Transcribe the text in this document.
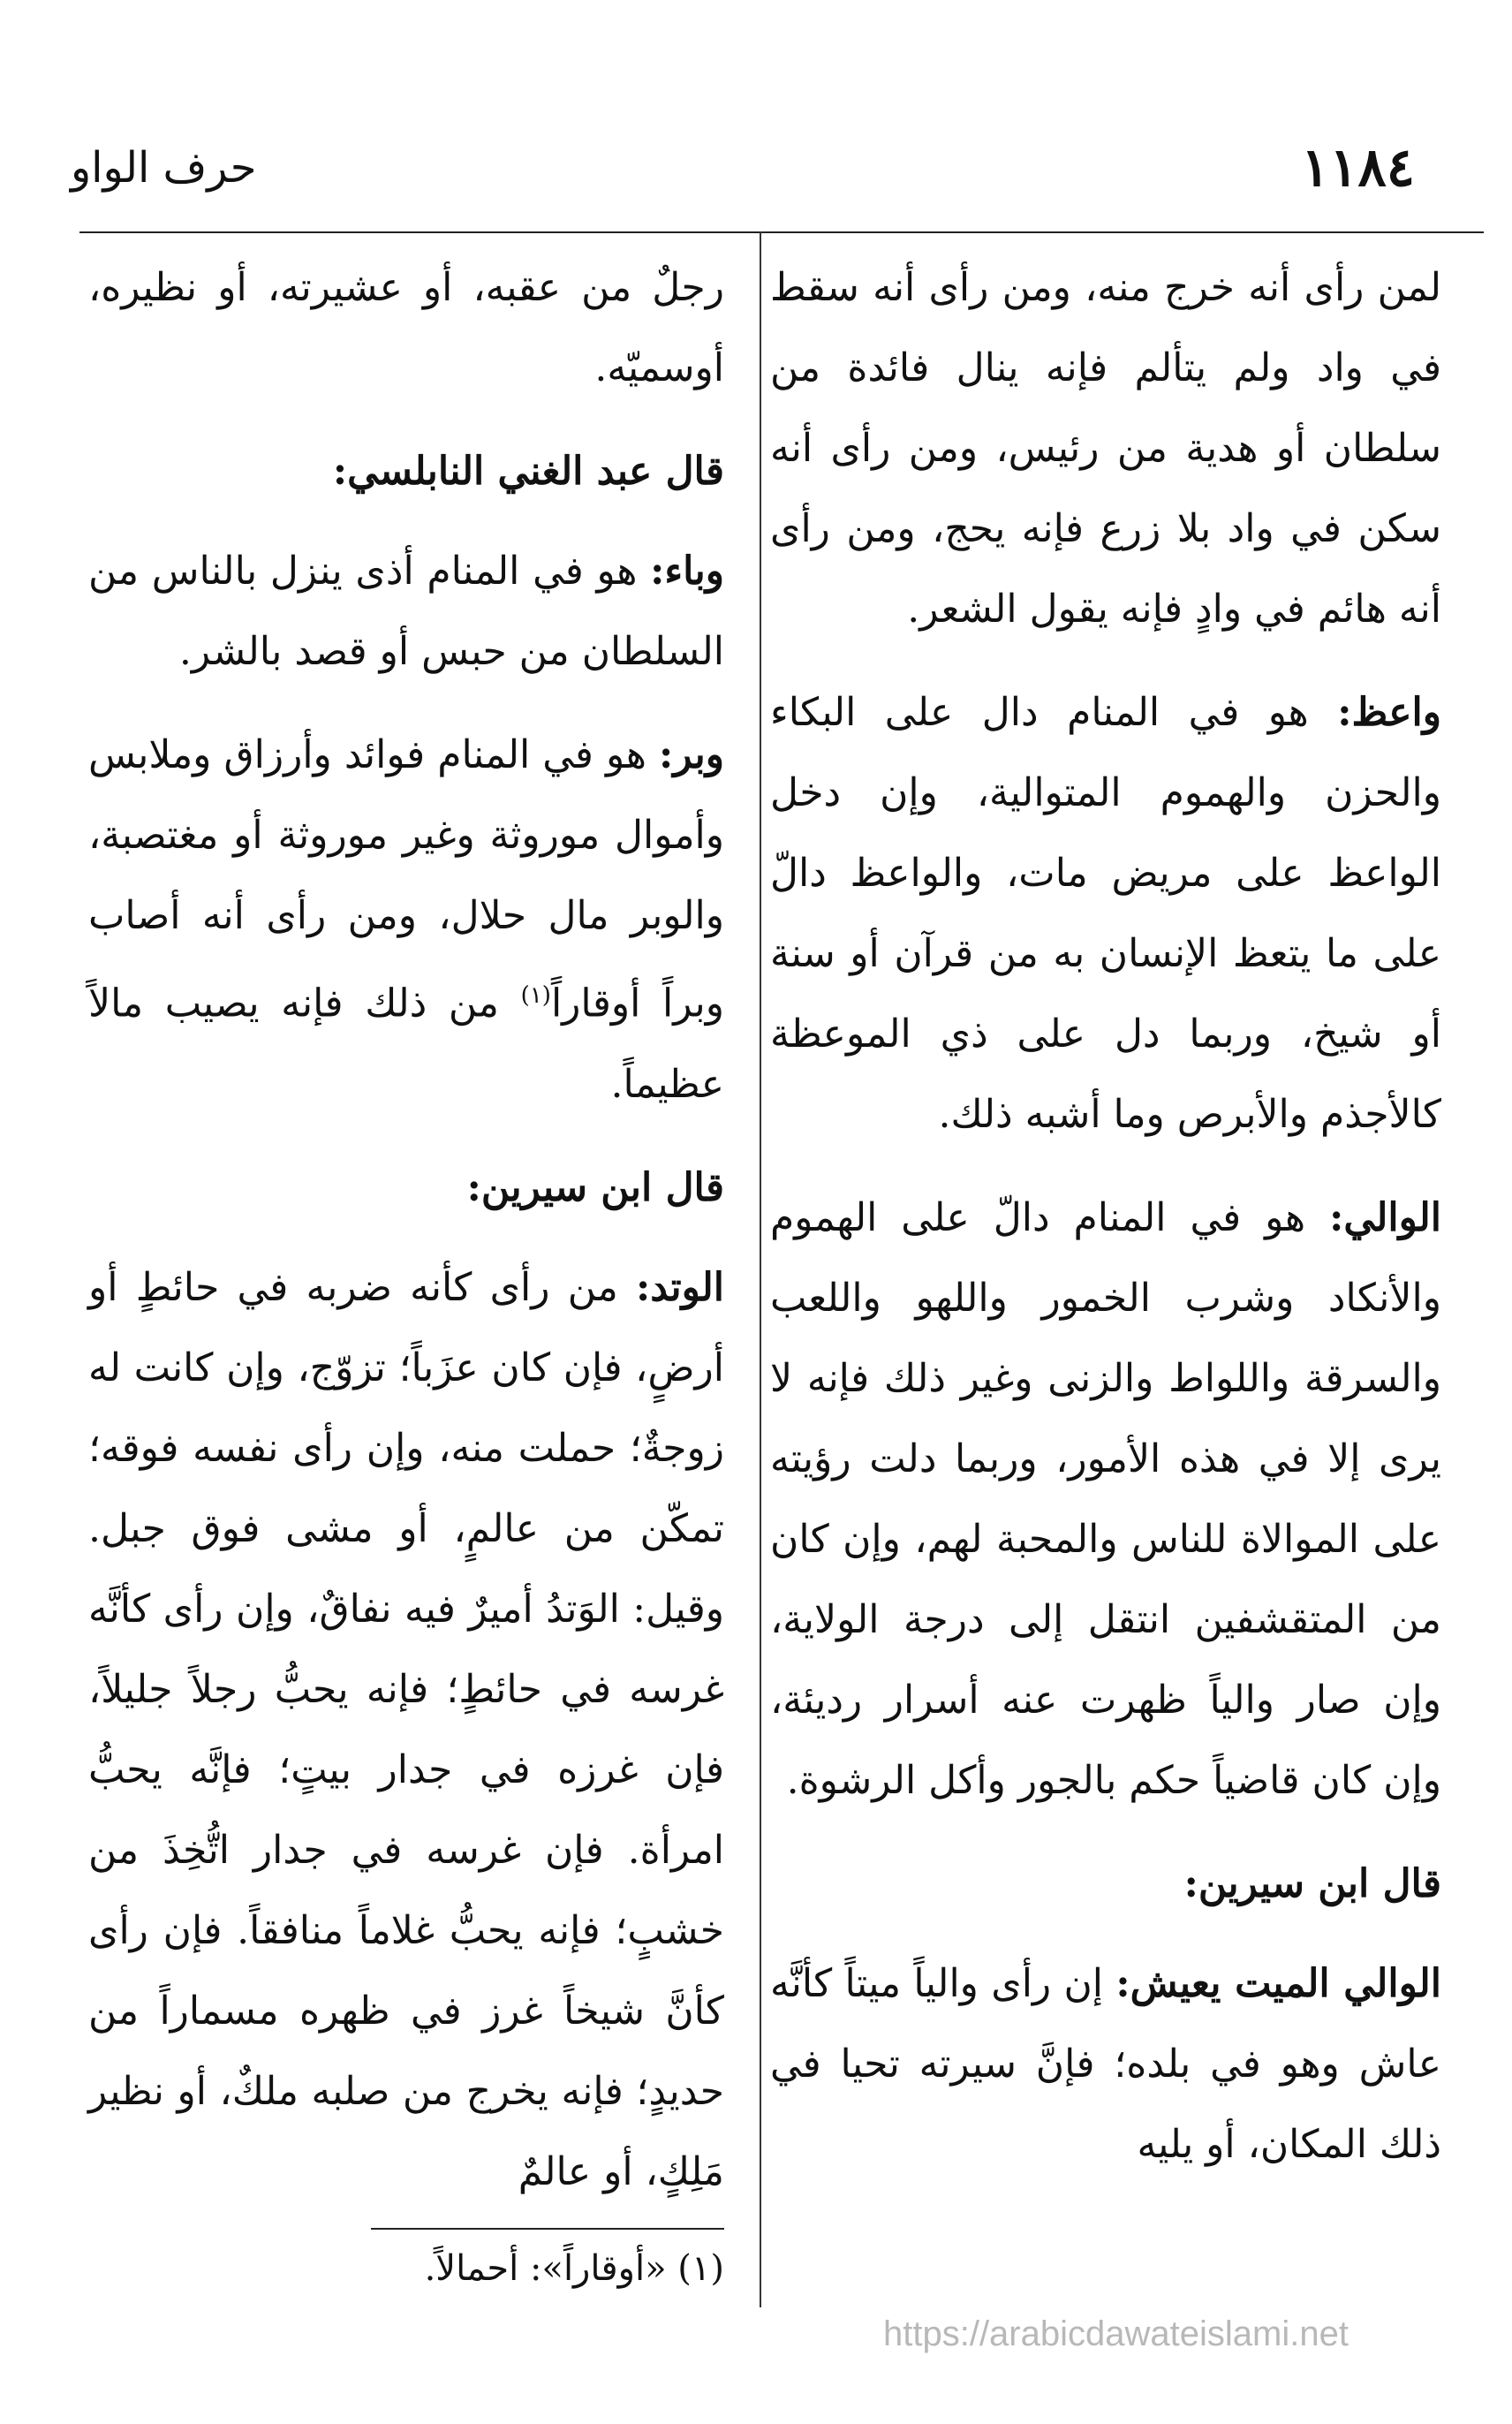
١١٨٤
حرف الواو

لمن رأى أنه خرج منه، ومن رأى أنه سقط في واد ولم يتألم فإنه ينال فائدة من سلطان أو هدية من رئيس، ومن رأى أنه سكن في واد بلا زرع فإنه يحج، ومن رأى أنه هائم في وادٍ فإنه يقول الشعر.

واعظ: هو في المنام دال على البكاء والحزن والهموم المتوالية، وإن دخل الواعظ على مريض مات، والواعظ دالّ على ما يتعظ الإنسان به من قرآن أو سنة أو شيخ، وربما دل على ذي الموعظة كالأجذم والأبرص وما أشبه ذلك.

الوالي: هو في المنام دالّ على الهموم والأنكاد وشرب الخمور واللهو واللعب والسرقة واللواط والزنى وغير ذلك فإنه لا يرى إلا في هذه الأمور، وربما دلت رؤيته على الموالاة للناس والمحبة لهم، وإن كان من المتقشفين انتقل إلى درجة الولاية، وإن صار والياً ظهرت عنه أسرار رديئة، وإن كان قاضياً حكم بالجور وأكل الرشوة.

قال ابن سيرين:

الوالي الميت يعيش: إن رأى والياً ميتاً كأنَّه عاش وهو في بلده؛ فإنَّ سيرته تحيا في ذلك المكان، أو يليه

رجلٌ من عقبه، أو عشيرته، أو نظيره، أوسميّه.

قال عبد الغني النابلسي:

وباء: هو في المنام أذى ينزل بالناس من السلطان من حبس أو قصد بالشر.

وبر: هو في المنام فوائد وأرزاق وملابس وأموال موروثة وغير موروثة أو مغتصبة، والوبر مال حلال، ومن رأى أنه أصاب وبراً أوقاراً$^{(١)}$ من ذلك فإنه يصيب مالاً عظيماً.

قال ابن سيرين:

الوتد: من رأى كأنه ضربه في حائطٍ أو أرضٍ، فإن كان عزَباً؛ تزوّج، وإن كانت له زوجةٌ؛ حملت منه، وإن رأى نفسه فوقه؛ تمكّن من عالمٍ، أو مشى فوق جبل. وقيل: الوَتدُ أميرٌ فيه نفاقٌ، وإن رأى كأنَّه غرسه في حائطٍ؛ فإنه يحبُّ رجلاً جليلاً، فإن غرزه في جدار بيتٍ؛ فإنَّه يحبُّ امرأة. فإن غرسه في جدار اتُّخِذَ من خشبٍ؛ فإنه يحبُّ غلاماً منافقاً. فإن رأى كأنَّ شيخاً غرز في ظهره مسماراً من حديدٍ؛ فإنه يخرج من صلبه ملكٌ، أو نظير مَلِكٍ، أو عالمٌ

(١) «أوقاراً»: أحمالاً.
https://arabicdawateislami.net
